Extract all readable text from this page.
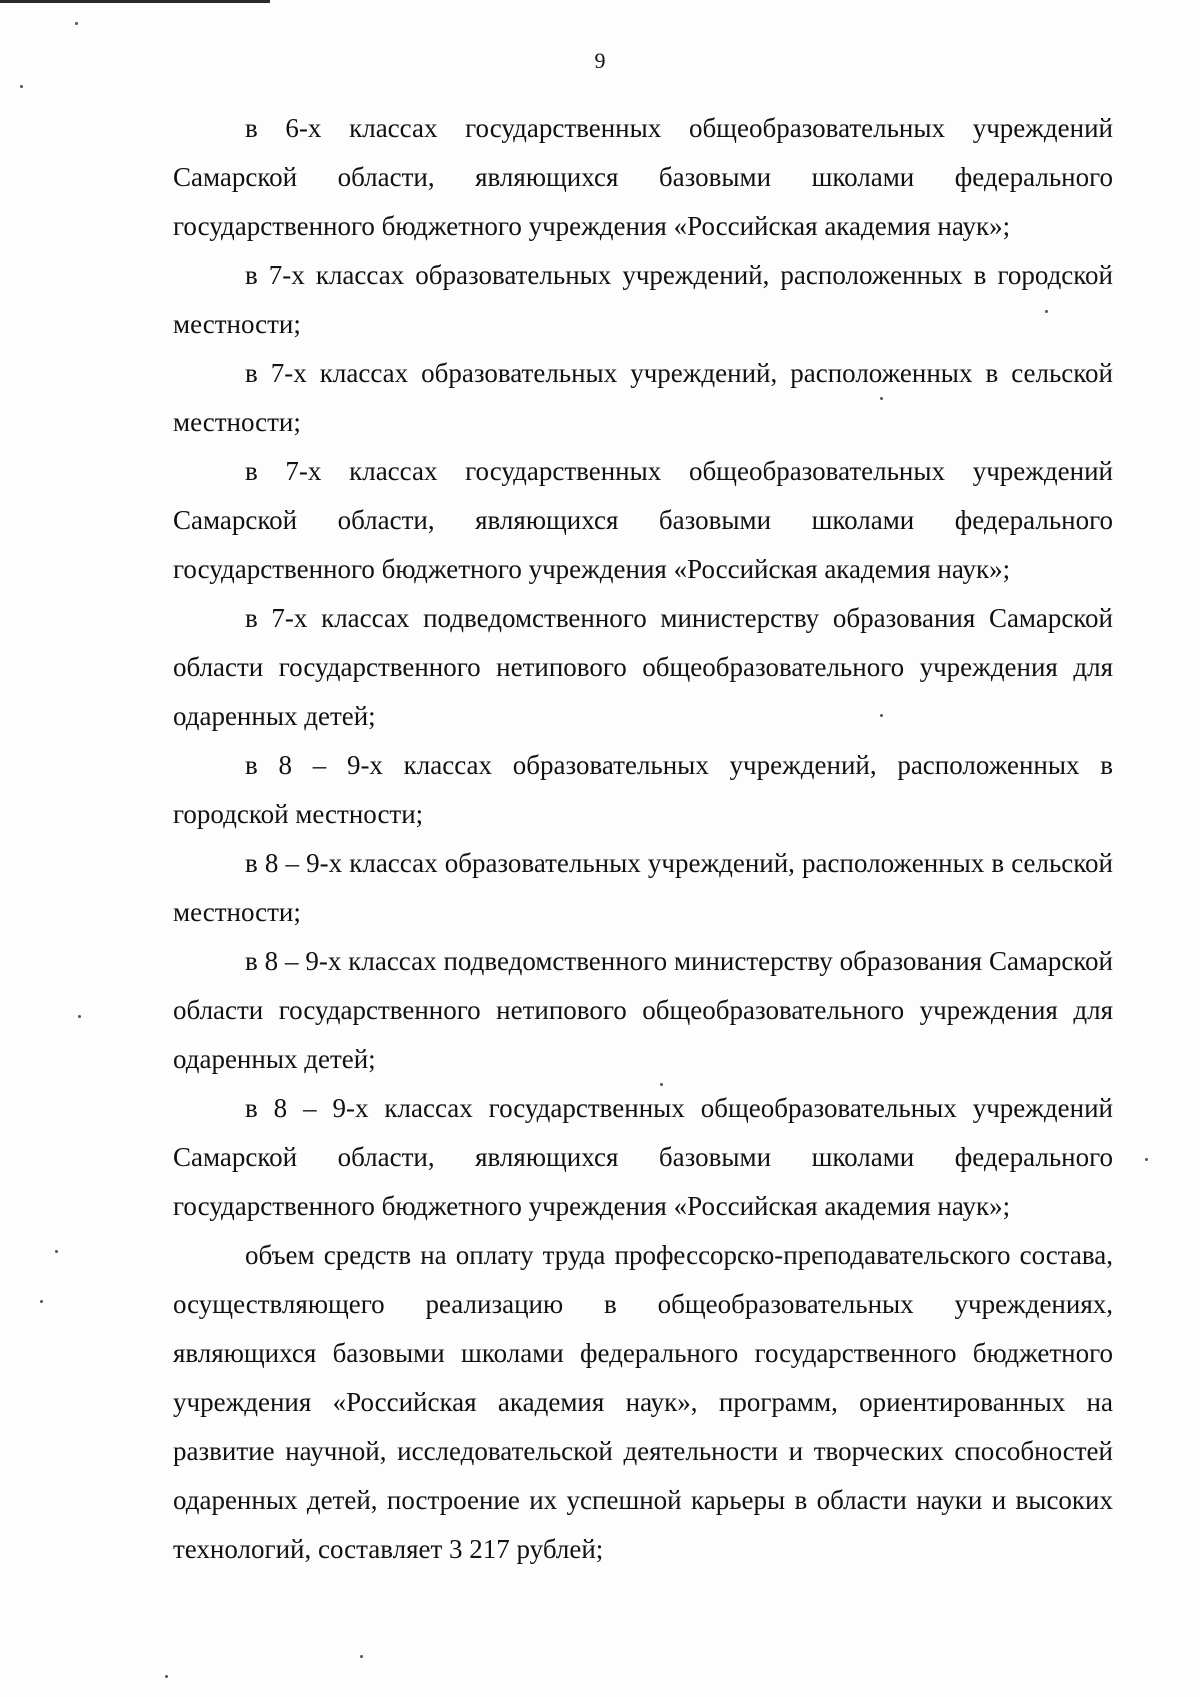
9

в 6-х классах государственных общеобразовательных учреждений Самарской области, являющихся базовыми школами федерального государственного бюджетного учреждения «Российская академия наук»;

в 7-х классах образовательных учреждений, расположенных в городской местности;

в 7-х классах образовательных учреждений, расположенных в сельской местности;

в 7-х классах государственных общеобразовательных учреждений Самарской области, являющихся базовыми школами федерального государственного бюджетного учреждения «Российская академия наук»;

в 7-х классах подведомственного министерству образования Самарской области государственного нетипового общеобразовательного учреждения для одаренных детей;

в 8 – 9-х классах образовательных учреждений, расположенных в городской местности;

в 8 – 9-х классах образовательных учреждений, расположенных в сельской местности;

в 8 – 9-х классах подведомственного министерству образования Самарской области государственного нетипового общеобразовательного учреждения для одаренных детей;

в 8 – 9-х классах государственных общеобразовательных учреждений Самарской области, являющихся базовыми школами федерального государственного бюджетного учреждения «Российская академия наук»;

объем средств на оплату труда профессорско-преподавательского состава, осуществляющего реализацию в общеобразовательных учреждениях, являющихся базовыми школами федерального государственного бюджетного учреждения «Российская академия наук», программ, ориентированных на развитие научной, исследовательской деятельности и творческих способностей одаренных детей, построение их успешной карьеры в области науки и высоких технологий, составляет 3 217 рублей;
